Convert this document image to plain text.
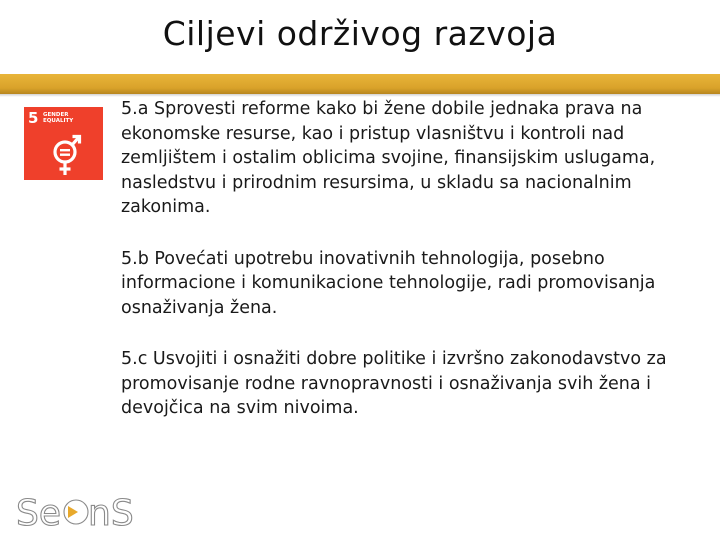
Ciljevi održivog razvoja
5 GENDER
EQUALITY

5.a Sprovesti reforme kako bi žene dobile jednaka prava na ekonomske resurse, kao i pristup vlasništvu i kontroli nad zemljištem i ostalim oblicima svojine, finansijskim uslugama, nasledstvu i prirodnim resursima, u skladu sa nacionalnim zakonima.

5.b Povećati upotrebu inovativnih tehnologija, posebno informacione i komunikacione tehnologije, radi promovisanja osnaživanja žena.

5.c Usvojiti i osnažiti dobre politike i izvršno zakonodavstvo za promovisanje rodne ravnopravnosti i osnaživanja svih žena i devojčica na svim nivoima.

Se nS
